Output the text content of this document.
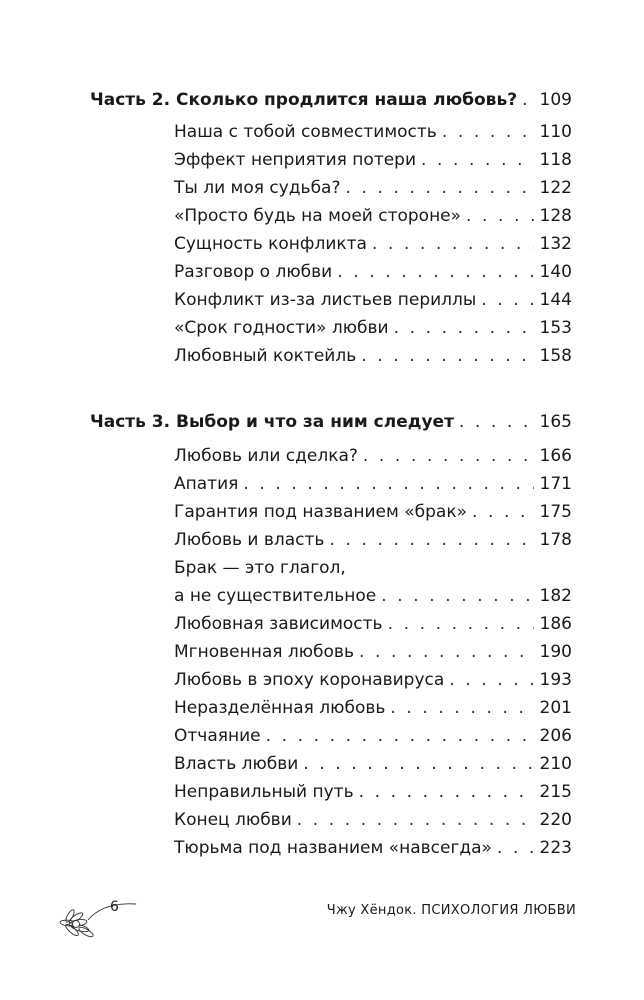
Часть 2. Сколько продлится наша любовь? . . . 109
Наша с тобой совместимость . . .	110
Эффект неприятия потери . . .	118
Ты ли моя судьба? . . .	122
«Просто будь на моей стороне» . . .	128
Сущность конфликта . . .	132
Разговор о любви . . .	140
Конфликт из-за листьев периллы . . .	144
«Срок годности» любви . . .	153
Любовный коктейль . . .	158
Часть 3. Выбор и что за ним следует . . .	165
Любовь или сделка? . . .	166
Апатия . . .	171
Гарантия под названием «брак» . . .	175
Любовь и власть . . .	178
Брак — это глагол,
а не существительное . . .	182
Любовная зависимость . . .	186
Мгновенная любовь . . .	190
Любовь в эпоху коронавируса . . .	193
Неразделённая любовь . . .	201
Отчаяние . . .	206
Власть любви . . .	210
Неправильный путь . . .	215
Конец любви . . .	220
Тюрьма под названием «навсегда» . . .	223
6	Чжу Хёндок. ПСИХОЛОГИЯ ЛЮБВИ
